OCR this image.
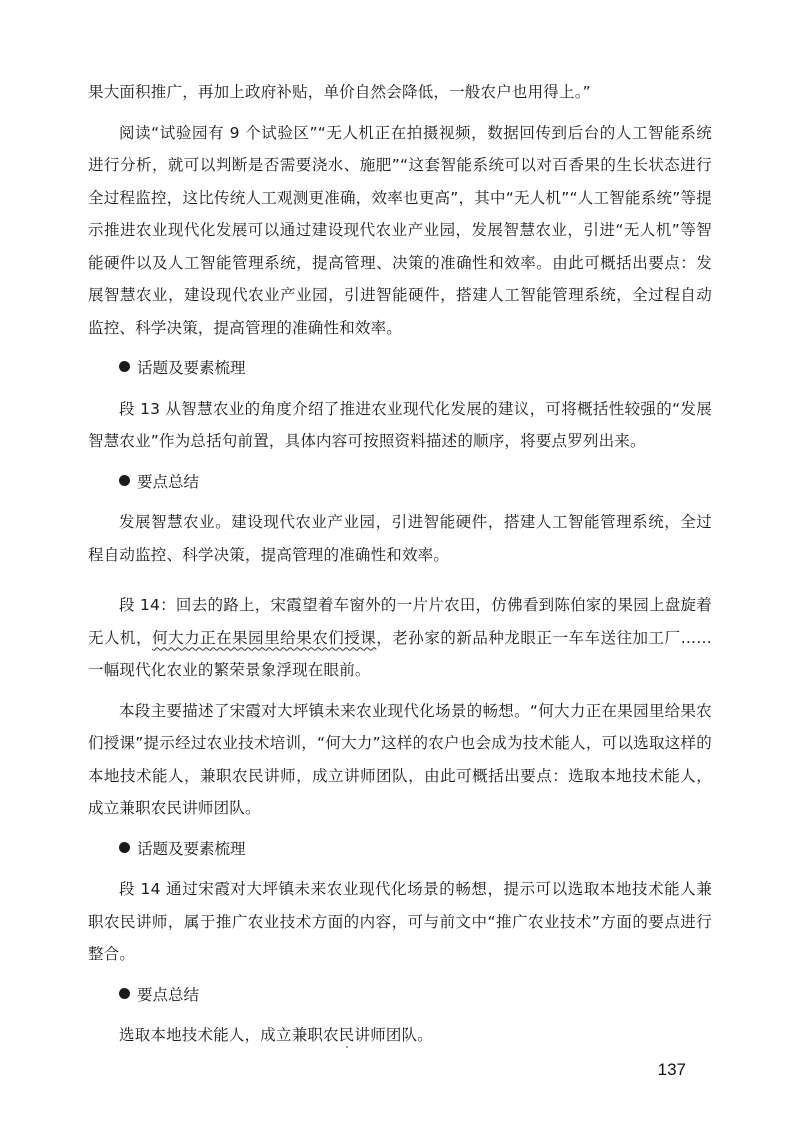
果大面积推广，再加上政府补贴，单价自然会降低，一般农户也用得上。”

阅读“试验园有 9 个试验区”“无人机正在拍摄视频，数据回传到后台的人工智能系统进行分析，就可以判断是否需要浇水、施肥”“这套智能系统可以对百香果的生长状态进行全过程监控，这比传统人工观测更准确，效率也更高”，其中“无人机”“人工智能系统”等提示推进农业现代化发展可以通过建设现代农业产业园，发展智慧农业，引进“无人机”等智能硬件以及人工智能管理系统，提高管理、决策的准确性和效率。由此可概括出要点：发展智慧农业，建设现代农业产业园，引进智能硬件，搭建人工智能管理系统，全过程自动监控、科学决策，提高管理的准确性和效率。

话题及要素梳理

段 13 从智慧农业的角度介绍了推进农业现代化发展的建议，可将概括性较强的“发展智慧农业”作为总括句前置，具体内容可按照资料描述的顺序，将要点罗列出来。

要点总结

发展智慧农业。建设现代农业产业园，引进智能硬件，搭建人工智能管理系统，全过程自动监控、科学决策，提高管理的准确性和效率。

段 14：回去的路上，宋霞望着车窗外的一片片农田，仿佛看到陈伯家的果园上盘旋着无人机，何大力正在果园里给果农们授课，老孙家的新品种龙眼正一车车送往加工厂……一幅现代化农业的繁荣景象浮现在眼前。

本段主要描述了宋霞对大坪镇未来农业现代化场景的畅想。“何大力正在果园里给果农们授课”提示经过农业技术培训，“何大力”这样的农户也会成为技术能人，可以选取这样的本地技术能人，兼职农民讲师，成立讲师团队，由此可概括出要点：选取本地技术能人，成立兼职农民讲师团队。

话题及要素梳理

段 14 通过宋霞对大坪镇未来农业现代化场景的畅想，提示可以选取本地技术能人兼职农民讲师，属于推广农业技术方面的内容，可与前文中“推广农业技术”方面的要点进行整合。

要点总结

选取本地技术能人，成立兼职农民讲师团队。

137
